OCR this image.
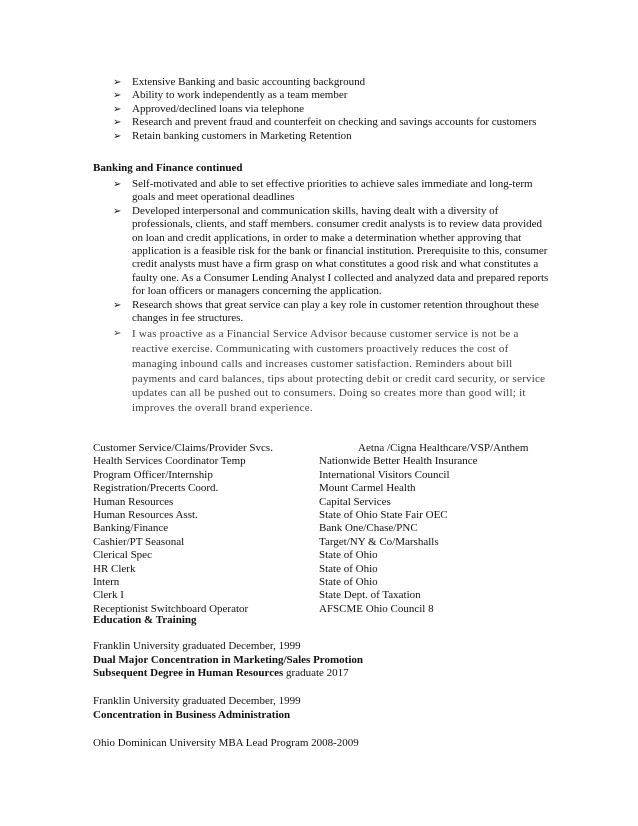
➢ Extensive Banking and basic accounting background
➢ Ability to work independently as a team member
➢ Approved/declined loans via telephone
➢ Research and prevent fraud and counterfeit on checking and savings accounts for customers
➢ Retain banking customers in Marketing Retention
Banking and Finance continued
➢ Self-motivated and able to set effective priorities to achieve sales immediate and long-term goals and meet operational deadlines
➢ Developed interpersonal and communication skills, having dealt with a diversity of professionals, clients, and staff members. consumer credit analysts is to review data provided on loan and credit applications, in order to make a determination whether approving that application is a feasible risk for the bank or financial institution. Prerequisite to this, consumer credit analysts must have a firm grasp on what constitutes a good risk and what constitutes a faulty one. As a Consumer Lending Analyst I collected and analyzed data and prepared reports for loan officers or managers concerning the application.
➢ Research shows that great service can play a key role in customer retention throughout these changes in fee structures.
➢ I was proactive as a Financial Service Advisor because customer service is not be a reactive exercise. Communicating with customers proactively reduces the cost of managing inbound calls and increases customer satisfaction. Reminders about bill payments and card balances, tips about protecting debit or credit card security, or service updates can all be pushed out to consumers. Doing so creates more than good will; it improves the overall brand experience.
Customer Service/Claims/Provider Svcs.	Aetna /Cigna Healthcare/VSP/Anthem
Health Services Coordinator Temp	Nationwide Better Health Insurance
Program Officer/Internship	International Visitors Council
Registration/Precerts Coord.	Mount Carmel Health
Human Resources	Capital Services
Human Resources Asst.	State of Ohio State Fair OEC
Banking/Finance	Bank One/Chase/PNC
Cashier/PT Seasonal	Target/NY & Co/Marshalls
Clerical Spec	State of Ohio
HR Clerk	State of Ohio
Intern	State of Ohio
Clerk I	State Dept. of Taxation
Receptionist Switchboard Operator	AFSCME Ohio Council 8
Education & Training
Franklin University graduated December, 1999
Dual Major Concentration in Marketing/Sales Promotion
Subsequent Degree in Human Resources graduate 2017
Franklin University graduated December, 1999
Concentration in Business Administration
Ohio Dominican University MBA Lead Program 2008-2009
